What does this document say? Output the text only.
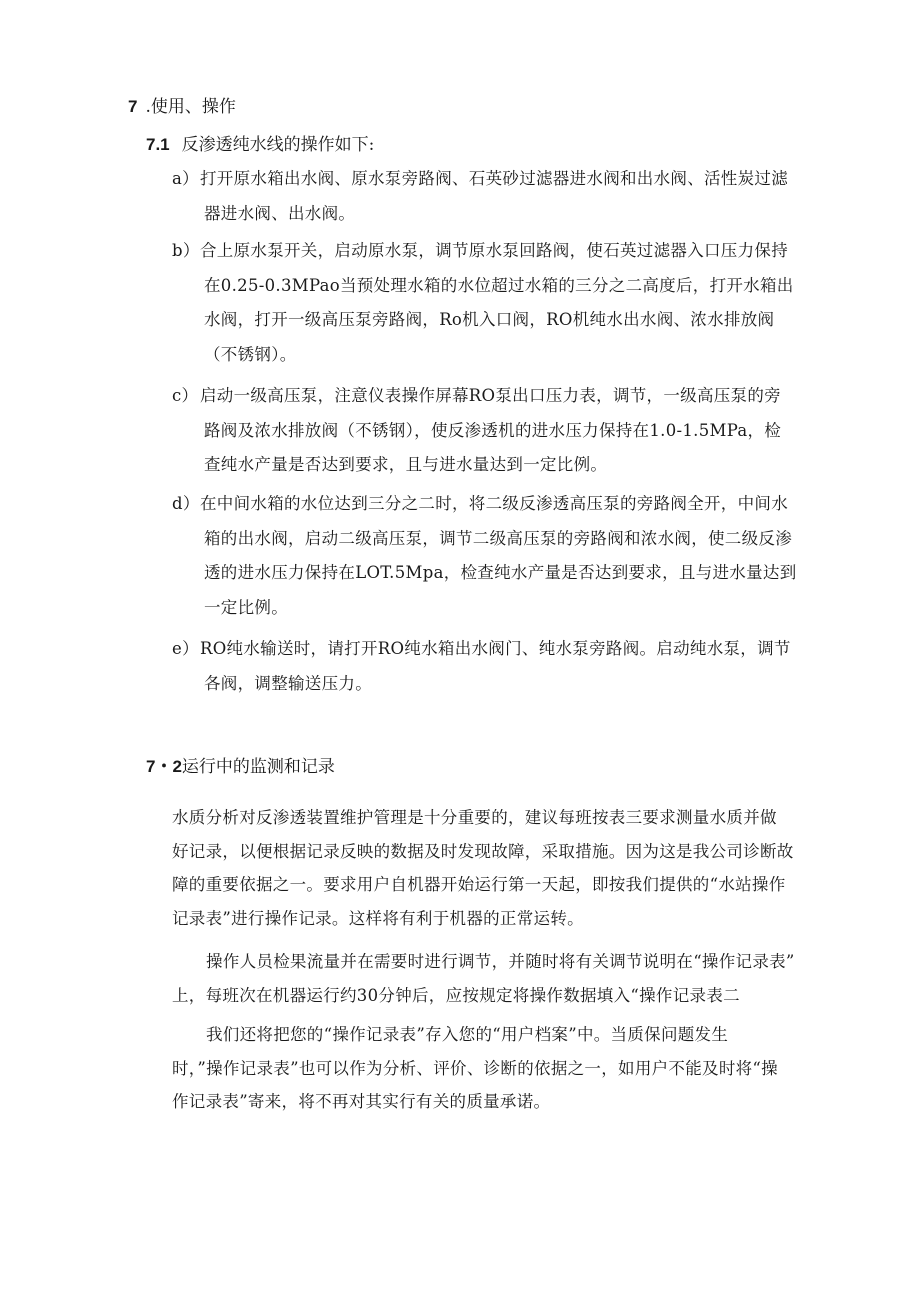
7 .使用、操作
7.1 反渗透纯水线的操作如下:
a）打开原水箱出水阀、原水泵旁路阀、石英砂过滤器进水阀和出水阀、活性炭过滤
器进水阀、出水阀。
b）合上原水泵开关，启动原水泵，调节原水泵回路阀，使石英过滤器入口压力保持
在0.25-0.3MPao当预处理水箱的水位超过水箱的三分之二高度后，打开水箱出
水阀，打开一级高压泵旁路阀，Ro机入口阀，RO机纯水出水阀、浓水排放阀
（不锈钢）。
c） 启动一级高压泵，注意仪表操作屏幕RO泵出口压力表，调节，一级高压泵的旁
路阀及浓水排放阀（不锈钢），使反渗透机的进水压力保持在1.0-1.5MPa，检
查纯水产量是否达到要求，且与进水量达到一定比例。
d）在中间水箱的水位达到三分之二时，将二级反渗透高压泵的旁路阀全开，中间水
箱的出水阀，启动二级高压泵，调节二级高压泵的旁路阀和浓水阀，使二级反渗
透的进水压力保持在LOT.5Mpa，检查纯水产量是否达到要求，且与进水量达到
一定比例。
e）RO纯水输送时，请打开RO纯水箱出水阀门、纯水泵旁路阀。启动纯水泵，调节
各阀，调整输送压力。
7・2运行中的监测和记录
水质分析对反渗透装置维护管理是十分重要的，建议每班按表三要求测量水质并做
好记录，以便根据记录反映的数据及时发现故障，采取措施。因为这是我公司诊断故
障的重要依据之一。要求用户自机器开始运行第一天起，即按我们提供的“水站操作
记录表”进行操作记录。这样将有利于机器的正常运转。
操作人员检果流量并在需要时进行调节，并随时将有关调节说明在“操作记录表”
上，每班次在机器运行约30分钟后，应按规定将操作数据填入“操作记录表二
我们还将把您的“操作记录表”存入您的“用户档案”中。当质保问题发生
时，”操作记录表”也可以作为分析、评价、诊断的依据之一，如用户不能及时将“操
作记录表”寄来，将不再对其实行有关的质量承诺。
